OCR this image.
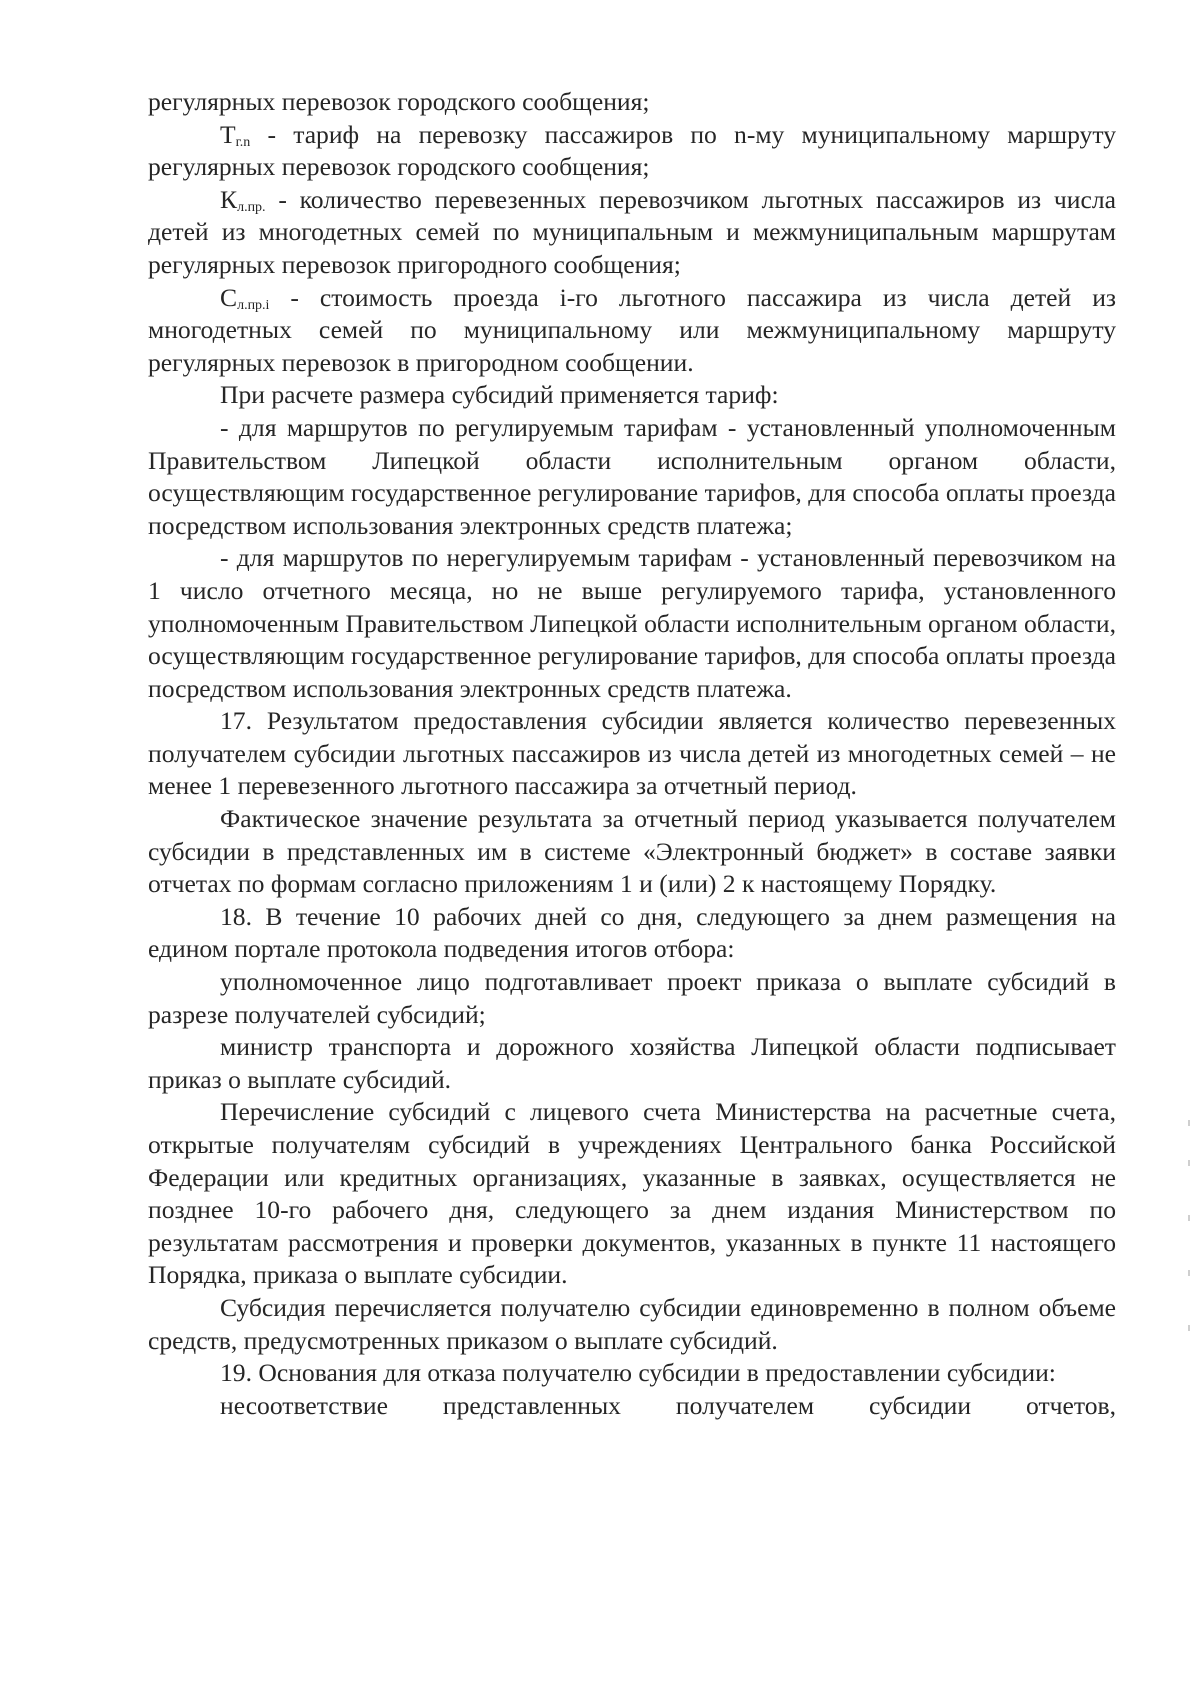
регулярных перевозок городского сообщения;

$Т_{г.n}$ - тариф на перевозку пассажиров по n-му муниципальному маршруту регулярных перевозок городского сообщения;

$К_{л.пр.}$ - количество перевезенных перевозчиком льготных пассажиров из числа детей из многодетных семей по муниципальным и межмуниципальным маршрутам регулярных перевозок пригородного сообщения;

$С_{л.пр.i}$ - стоимость проезда i-го льготного пассажира из числа детей из многодетных семей по муниципальному или межмуниципальному маршруту регулярных перевозок в пригородном сообщении.

При расчете размера субсидий применяется тариф:

- для маршрутов по регулируемым тарифам - установленный уполномоченным Правительством Липецкой области исполнительным органом области, осуществляющим государственное регулирование тарифов, для способа оплаты проезда посредством использования электронных средств платежа;

- для маршрутов по нерегулируемым тарифам - установленный перевозчиком на 1 число отчетного месяца, но не выше регулируемого тарифа, установленного уполномоченным Правительством Липецкой области исполнительным органом области, осуществляющим государственное регулирование тарифов, для способа оплаты проезда посредством использования электронных средств платежа.

17. Результатом предоставления субсидии является количество перевезенных получателем субсидии льготных пассажиров из числа детей из многодетных семей – не менее 1 перевезенного льготного пассажира за отчетный период.

Фактическое значение результата за отчетный период указывается получателем субсидии в представленных им в системе «Электронный бюджет» в составе заявки отчетах по формам согласно приложениям 1 и (или) 2 к настоящему Порядку.

18. В течение 10 рабочих дней со дня, следующего за днем размещения на едином портале протокола подведения итогов отбора:

уполномоченное лицо подготавливает проект приказа о выплате субсидий в разрезе получателей субсидий;

министр транспорта и дорожного хозяйства Липецкой области подписывает приказ о выплате субсидий.

Перечисление субсидий с лицевого счета Министерства на расчетные счета, открытые получателям субсидий в учреждениях Центрального банка Российской Федерации или кредитных организациях, указанные в заявках, осуществляется не позднее 10-го рабочего дня, следующего за днем издания Министерством по результатам рассмотрения и проверки документов, указанных в пункте 11 настоящего Порядка, приказа о выплате субсидии.

Субсидия перечисляется получателю субсидии единовременно в полном объеме средств, предусмотренных приказом о выплате субсидий.

19. Основания для отказа получателю субсидии в предоставлении субсидии:

несоответствие представленных получателем субсидии отчетов,
